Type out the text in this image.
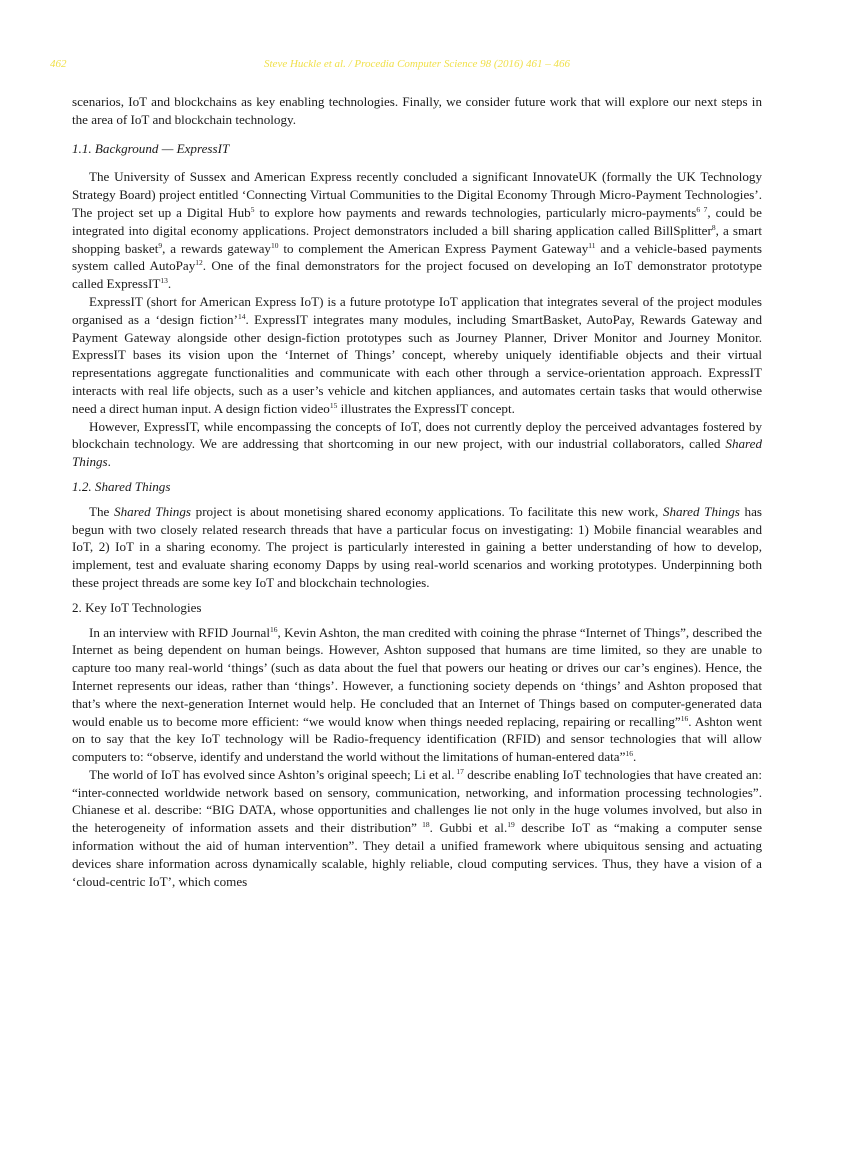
462	Steve Huckle et al. / Procedia Computer Science 98 (2016) 461 – 466

scenarios, IoT and blockchains as key enabling technologies. Finally, we consider future work that will explore our next steps in the area of IoT and blockchain technology.

1.1. Background — ExpressIT

The University of Sussex and American Express recently concluded a significant InnovateUK (formally the UK Technology Strategy Board) project entitled ‘Connecting Virtual Communities to the Digital Economy Through Micro-Payment Technologies’. The project set up a Digital Hub$^5$ to explore how payments and rewards technologies, particularly micro-payments$^6$ $^7$, could be integrated into digital economy applications. Project demonstrators included a bill sharing application called BillSplitter$^8$, a smart shopping basket$^9$, a rewards gateway$^{10}$ to complement the American Express Payment Gateway$^{11}$ and a vehicle-based payments system called AutoPay$^{12}$. One of the final demonstrators for the project focused on developing an IoT demonstrator prototype called ExpressIT$^{13}$.

ExpressIT (short for American Express IoT) is a future prototype IoT application that integrates several of the project modules organised as a ‘design fiction’$^{14}$. ExpressIT integrates many modules, including SmartBasket, AutoPay, Rewards Gateway and Payment Gateway alongside other design-fiction prototypes such as Journey Planner, Driver Monitor and Journey Monitor. ExpressIT bases its vision upon the ‘Internet of Things’ concept, whereby uniquely identifiable objects and their virtual representations aggregate functionalities and communicate with each other through a service-orientation approach. ExpressIT interacts with real life objects, such as a user’s vehicle and kitchen appliances, and automates certain tasks that would otherwise need a direct human input. A design fiction video$^{15}$ illustrates the ExpressIT concept.

However, ExpressIT, while encompassing the concepts of IoT, does not currently deploy the perceived advantages fostered by blockchain technology. We are addressing that shortcoming in our new project, with our industrial collaborators, called Shared Things.

1.2. Shared Things

The Shared Things project is about monetising shared economy applications. To facilitate this new work, Shared Things has begun with two closely related research threads that have a particular focus on investigating: 1) Mobile financial wearables and IoT, 2) IoT in a sharing economy. The project is particularly interested in gaining a better understanding of how to develop, implement, test and evaluate sharing economy Dapps by using real-world scenarios and working prototypes. Underpinning both these project threads are some key IoT and blockchain technologies.

2. Key IoT Technologies

In an interview with RFID Journal$^{16}$, Kevin Ashton, the man credited with coining the phrase “Internet of Things”, described the Internet as being dependent on human beings. However, Ashton supposed that humans are time limited, so they are unable to capture too many real-world ‘things’ (such as data about the fuel that powers our heating or drives our car’s engines). Hence, the Internet represents our ideas, rather than ‘things’. However, a functioning society depends on ‘things’ and Ashton proposed that that’s where the next-generation Internet would help. He concluded that an Internet of Things based on computer-generated data would enable us to become more efficient: “we would know when things needed replacing, repairing or recalling”$^{16}$. Ashton went on to say that the key IoT technology will be Radio-frequency identification (RFID) and sensor technologies that will allow computers to: “observe, identify and understand the world without the limitations of human-entered data”$^{16}$.

The world of IoT has evolved since Ashton’s original speech; Li et al. $^{17}$ describe enabling IoT technologies that have created an: “inter-connected worldwide network based on sensory, communication, networking, and information processing technologies”. Chianese et al. describe: “BIG DATA, whose opportunities and challenges lie not only in the huge volumes involved, but also in the heterogeneity of information assets and their distribution” $^{18}$. Gubbi et al.$^{19}$ describe IoT as “making a computer sense information without the aid of human intervention”. They detail a unified framework where ubiquitous sensing and actuating devices share information across dynamically scalable, highly reliable, cloud computing services. Thus, they have a vision of a ‘cloud-centric IoT’, which comes
